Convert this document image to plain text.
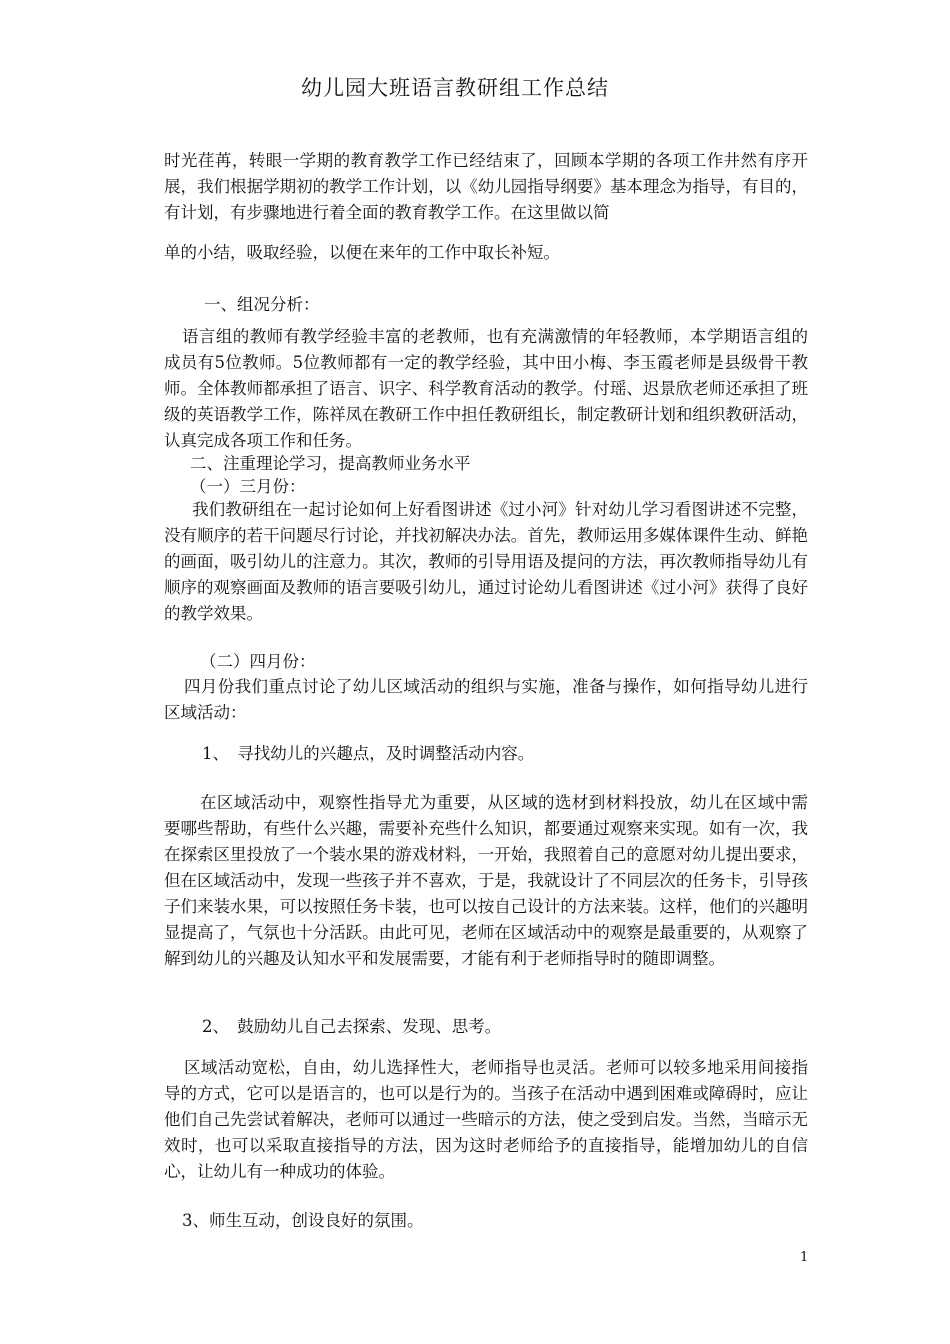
幼儿园大班语言教研组工作总结

时光荏苒，转眼一学期的教育教学工作已经结束了，回顾本学期的各项工作井然有序开展，我们根据学期初的教学工作计划，以《幼儿园指导纲要》基本理念为指导，有目的，有计划，有步骤地进行着全面的教育教学工作。在这里做以简

单的小结，吸取经验，以便在来年的工作中取长补短。

一、组况分析：

语言组的教师有教学经验丰富的老教师，也有充满激情的年轻教师，本学期语言组的成员有5位教师。5位教师都有一定的教学经验，其中田小梅、李玉霞老师是县级骨干教师。全体教师都承担了语言、识字、科学教育活动的教学。付瑶、迟景欣老师还承担了班级的英语教学工作，陈祥凤在教研工作中担任教研组长，制定教研计划和组织教研活动，认真完成各项工作和任务。

二、注重理论学习，提高教师业务水平

（一）三月份：

我们教研组在一起讨论如何上好看图讲述《过小河》针对幼儿学习看图讲述不完整，没有顺序的若干问题尽行讨论，并找初解决办法。首先，教师运用多媒体课件生动、鲜艳的画面，吸引幼儿的注意力。其次，教师的引导用语及提问的方法，再次教师指导幼儿有顺序的观察画面及教师的语言要吸引幼儿，通过讨论幼儿看图讲述《过小河》获得了良好的教学效果。

（二）四月份：

四月份我们重点讨论了幼儿区域活动的组织与实施，准备与操作，如何指导幼儿进行区域活动：

1、　寻找幼儿的兴趣点，及时调整活动内容。

在区域活动中，观察性指导尤为重要，从区域的选材到材料投放，幼儿在区域中需要哪些帮助，有些什么兴趣，需要补充些什么知识，都要通过观察来实现。如有一次，我在探索区里投放了一个装水果的游戏材料，一开始，我照着自己的意愿对幼儿提出要求，但在区域活动中，发现一些孩子并不喜欢，于是，我就设计了不同层次的任务卡，引导孩子们来装水果，可以按照任务卡装，也可以按自己设计的方法来装。这样，他们的兴趣明显提高了，气氛也十分活跃。由此可见，老师在区域活动中的观察是最重要的，从观察了解到幼儿的兴趣及认知水平和发展需要，才能有利于老师指导时的随即调整。

2、　鼓励幼儿自己去探索、发现、思考。

区域活动宽松，自由，幼儿选择性大，老师指导也灵活。老师可以较多地采用间接指导的方式，它可以是语言的，也可以是行为的。当孩子在活动中遇到困难或障碍时，应让他们自己先尝试着解决，老师可以通过一些暗示的方法，使之受到启发。当然，当暗示无效时，也可以采取直接指导的方法，因为这时老师给予的直接指导，能增加幼儿的自信心，让幼儿有一种成功的体验。

3、师生互动，创设良好的氛围。

1
